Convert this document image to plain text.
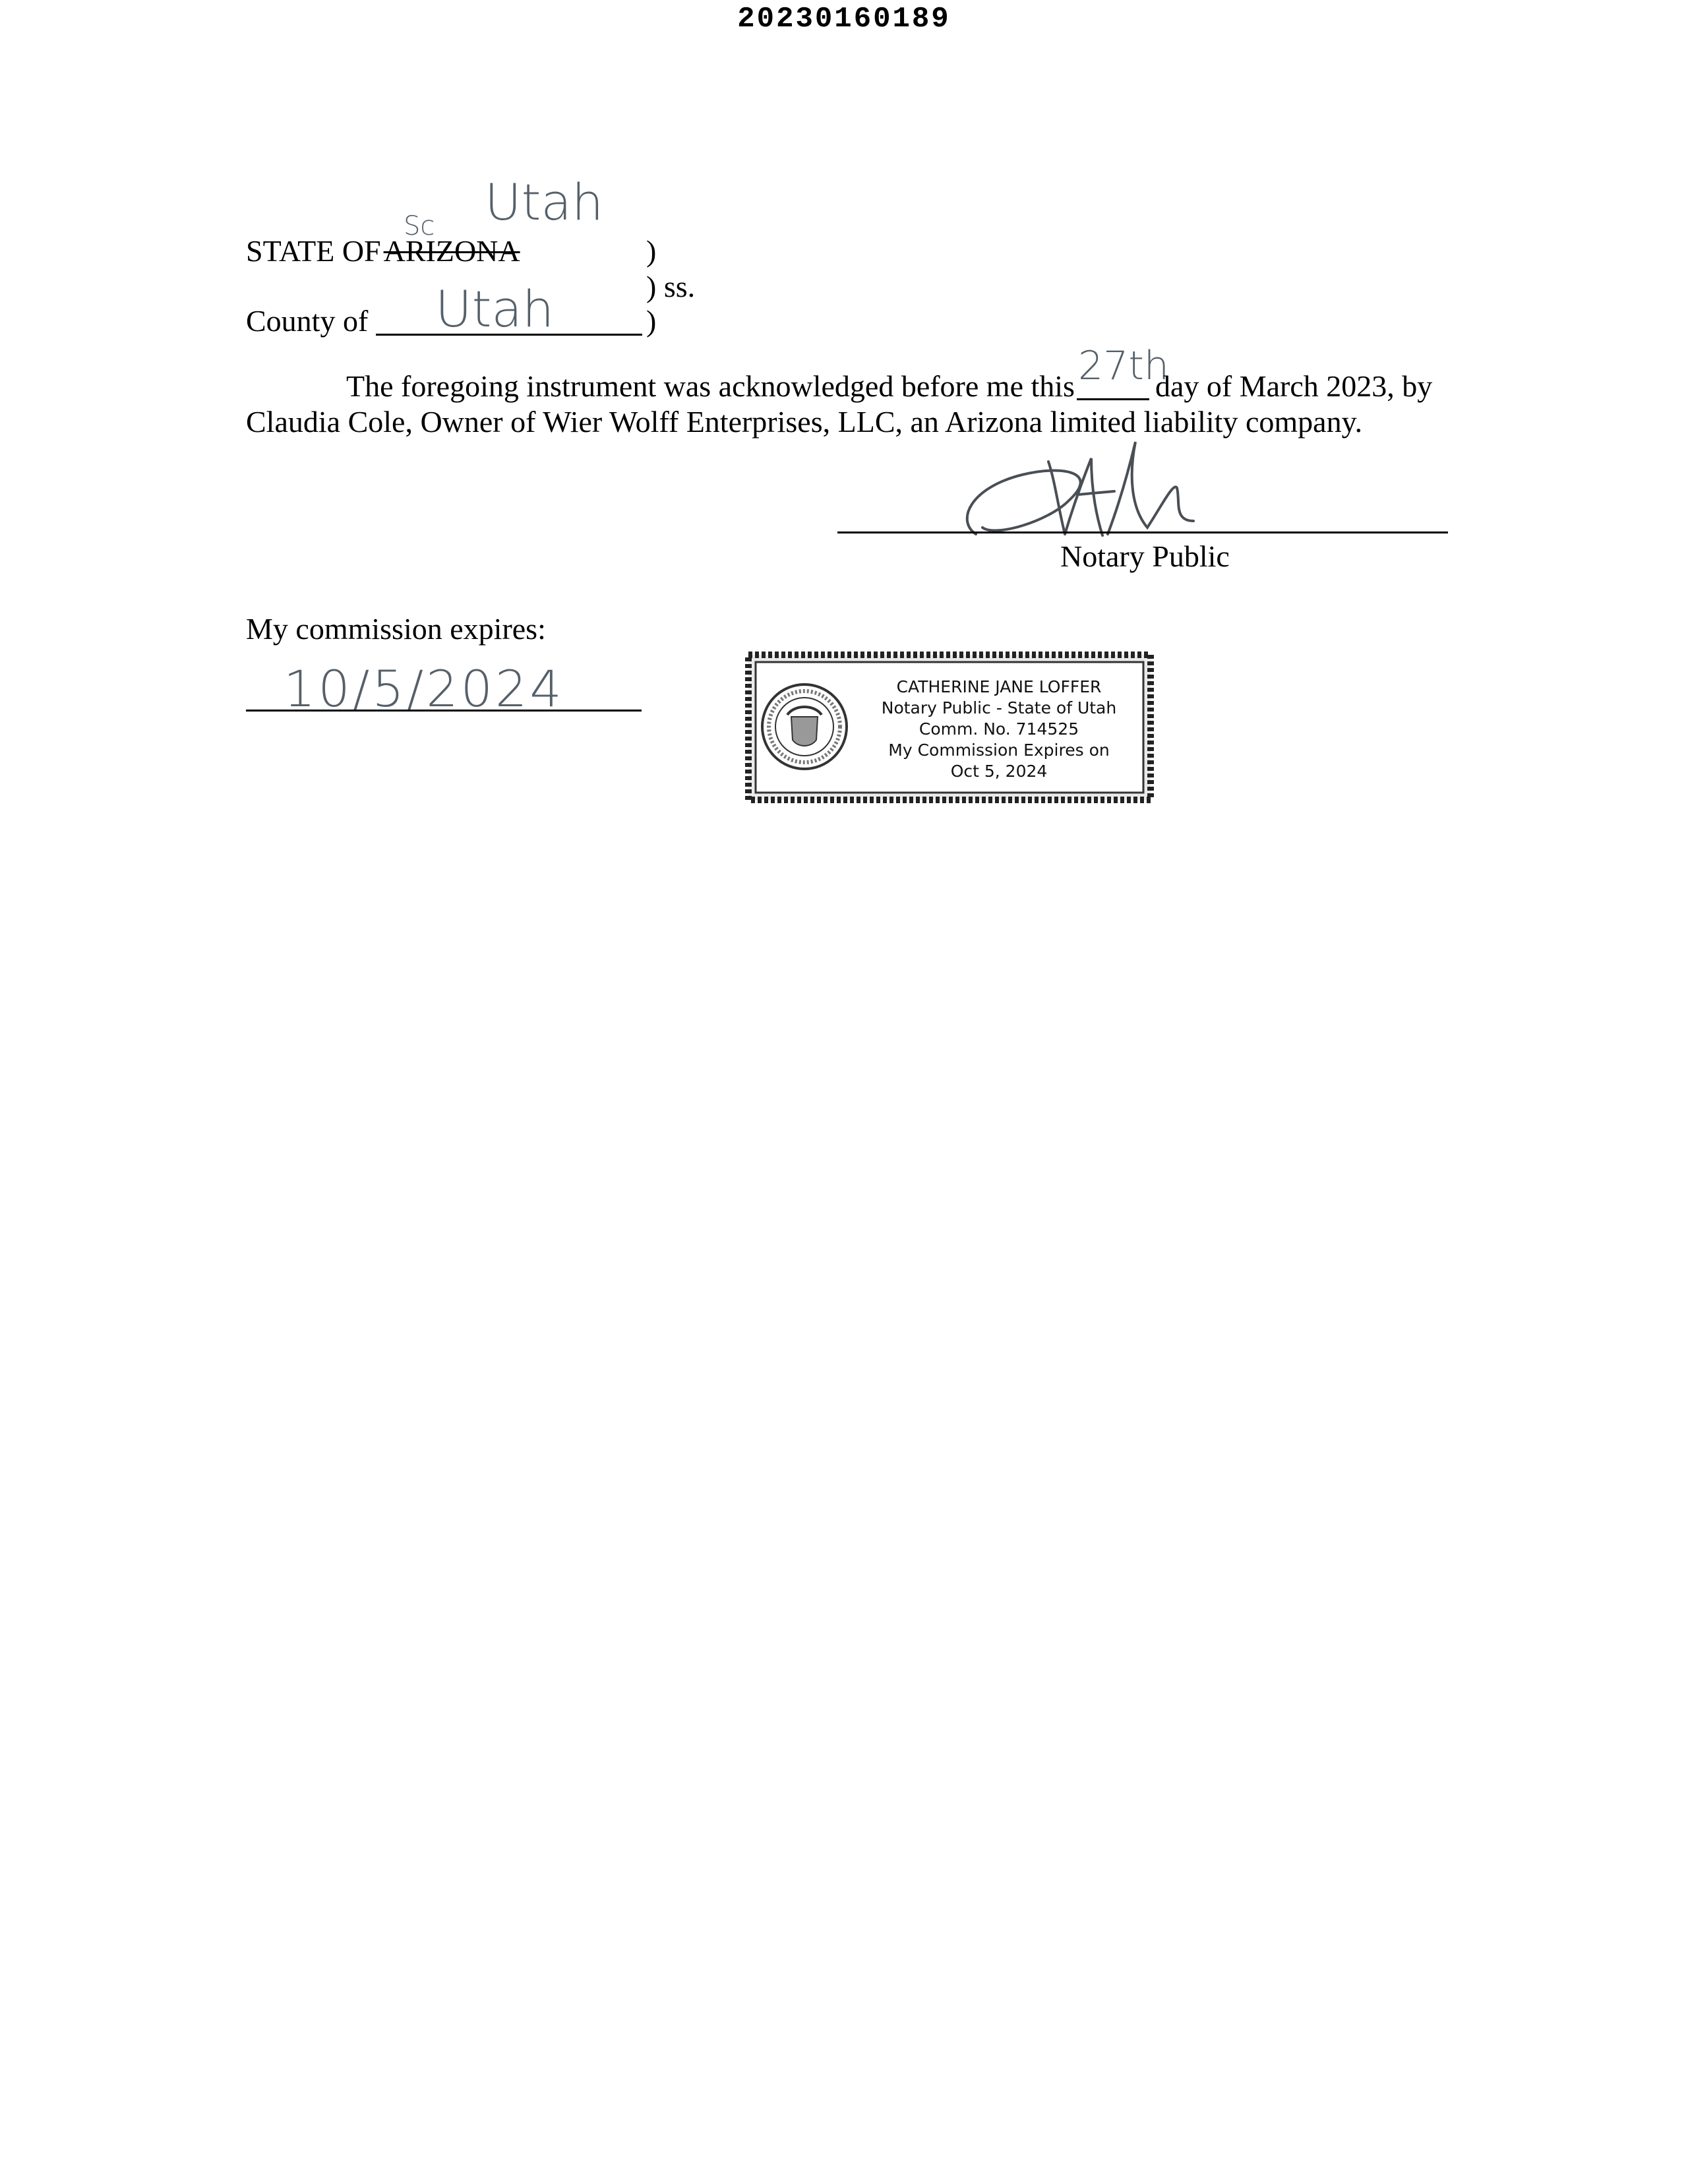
20230160189
STATE OFARIZONA
Utah
Sc
)
) ss.
County of Utah	)
The foregoing instrument was acknowledged before me this 27th
day of March 2023, by
Claudia Cole, Owner of Wier Wolff Enterprises, LLC, an Arizona limited liability company.
Notary Public
My commission expires:
10/5/2024	CATHERINE JANE LOFFER
Notary Public - State of Utah
Comm. No. 714525
My Commission Expires on
Oct 5, 2024
